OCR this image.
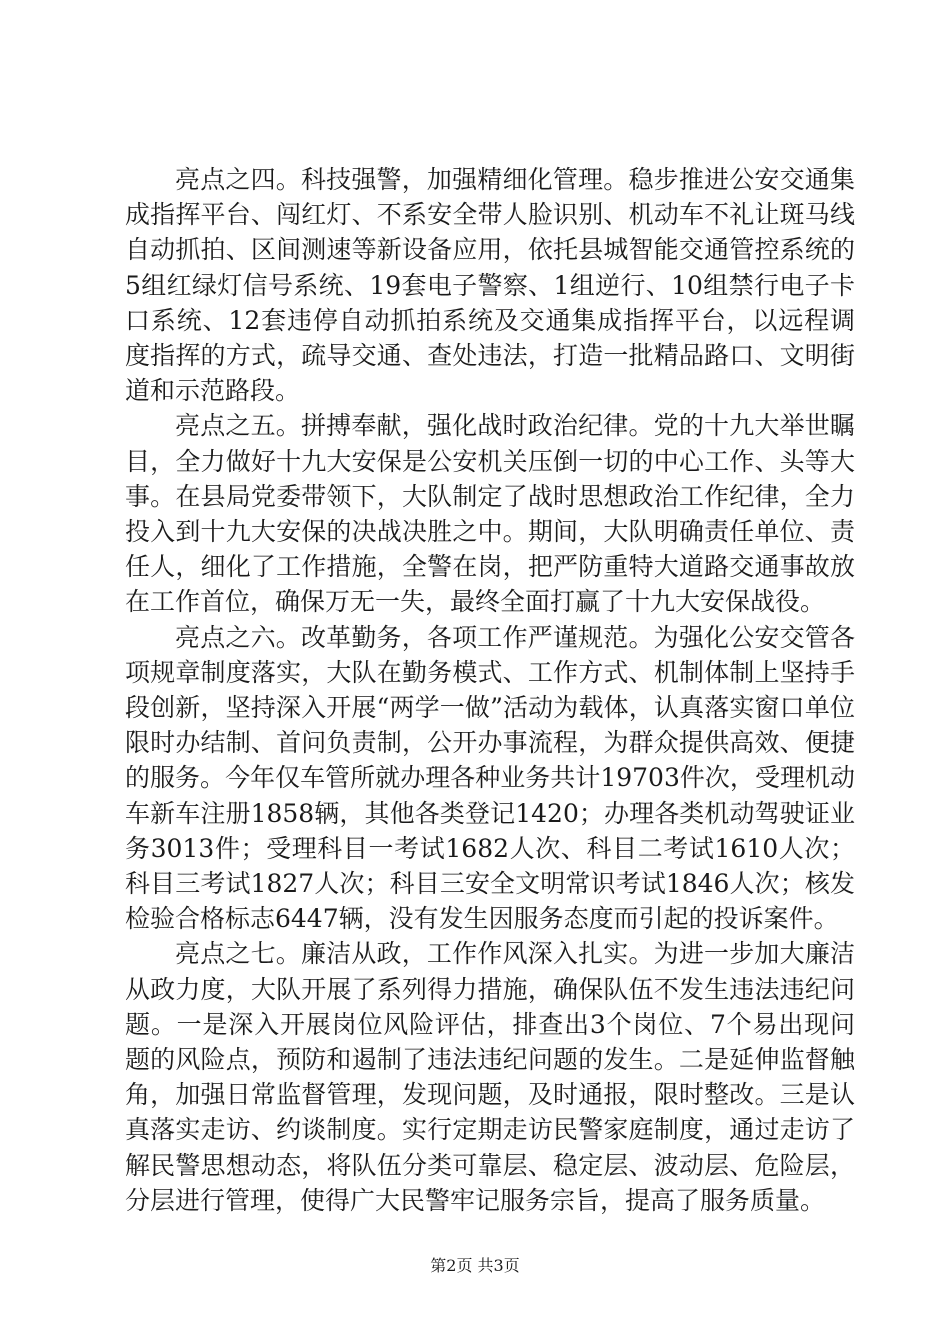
亮点之四。科技强警，加强精细化管理。稳步推进公安交通集成指挥平台、闯红灯、不系安全带人脸识别、机动车不礼让斑马线自动抓拍、区间测速等新设备应用，依托县城智能交通管控系统的5组红绿灯信号系统、19套电子警察、1组逆行、10组禁行电子卡口系统、12套违停自动抓拍系统及交通集成指挥平台，以远程调度指挥的方式，疏导交通、查处违法，打造一批精品路口、文明街道和示范路段。

亮点之五。拼搏奉献，强化战时政治纪律。党的十九大举世瞩目，全力做好十九大安保是公安机关压倒一切的中心工作、头等大事。在县局党委带领下，大队制定了战时思想政治工作纪律，全力投入到十九大安保的决战决胜之中。期间，大队明确责任单位、责任人，细化了工作措施，全警在岗，把严防重特大道路交通事故放在工作首位，确保万无一失，最终全面打赢了十九大安保战役。

亮点之六。改革勤务，各项工作严谨规范。为强化公安交管各项规章制度落实，大队在勤务模式、工作方式、机制体制上坚持手段创新，坚持深入开展“两学一做”活动为载体，认真落实窗口单位限时办结制、首问负责制，公开办事流程，为群众提供高效、便捷的服务。今年仅车管所就办理各种业务共计19703件次，受理机动车新车注册1858辆，其他各类登记1420；办理各类机动驾驶证业务3013件；受理科目一考试1682人次、科目二考试1610人次；科目三考试1827人次；科目三安全文明常识考试1846人次；核发检验合格标志6447辆，没有发生因服务态度而引起的投诉案件。

亮点之七。廉洁从政，工作作风深入扎实。为进一步加大廉洁从政力度，大队开展了系列得力措施，确保队伍不发生违法违纪问题。一是深入开展岗位风险评估，排查出3个岗位、7个易出现问题的风险点，预防和遏制了违法违纪问题的发生。二是延伸监督触角，加强日常监督管理，发现问题，及时通报，限时整改。三是认真落实走访、约谈制度。实行定期走访民警家庭制度，通过走访了解民警思想动态，将队伍分类可靠层、稳定层、波动层、危险层，分层进行管理，使得广大民警牢记服务宗旨，提高了服务质量。

第2页 共3页
